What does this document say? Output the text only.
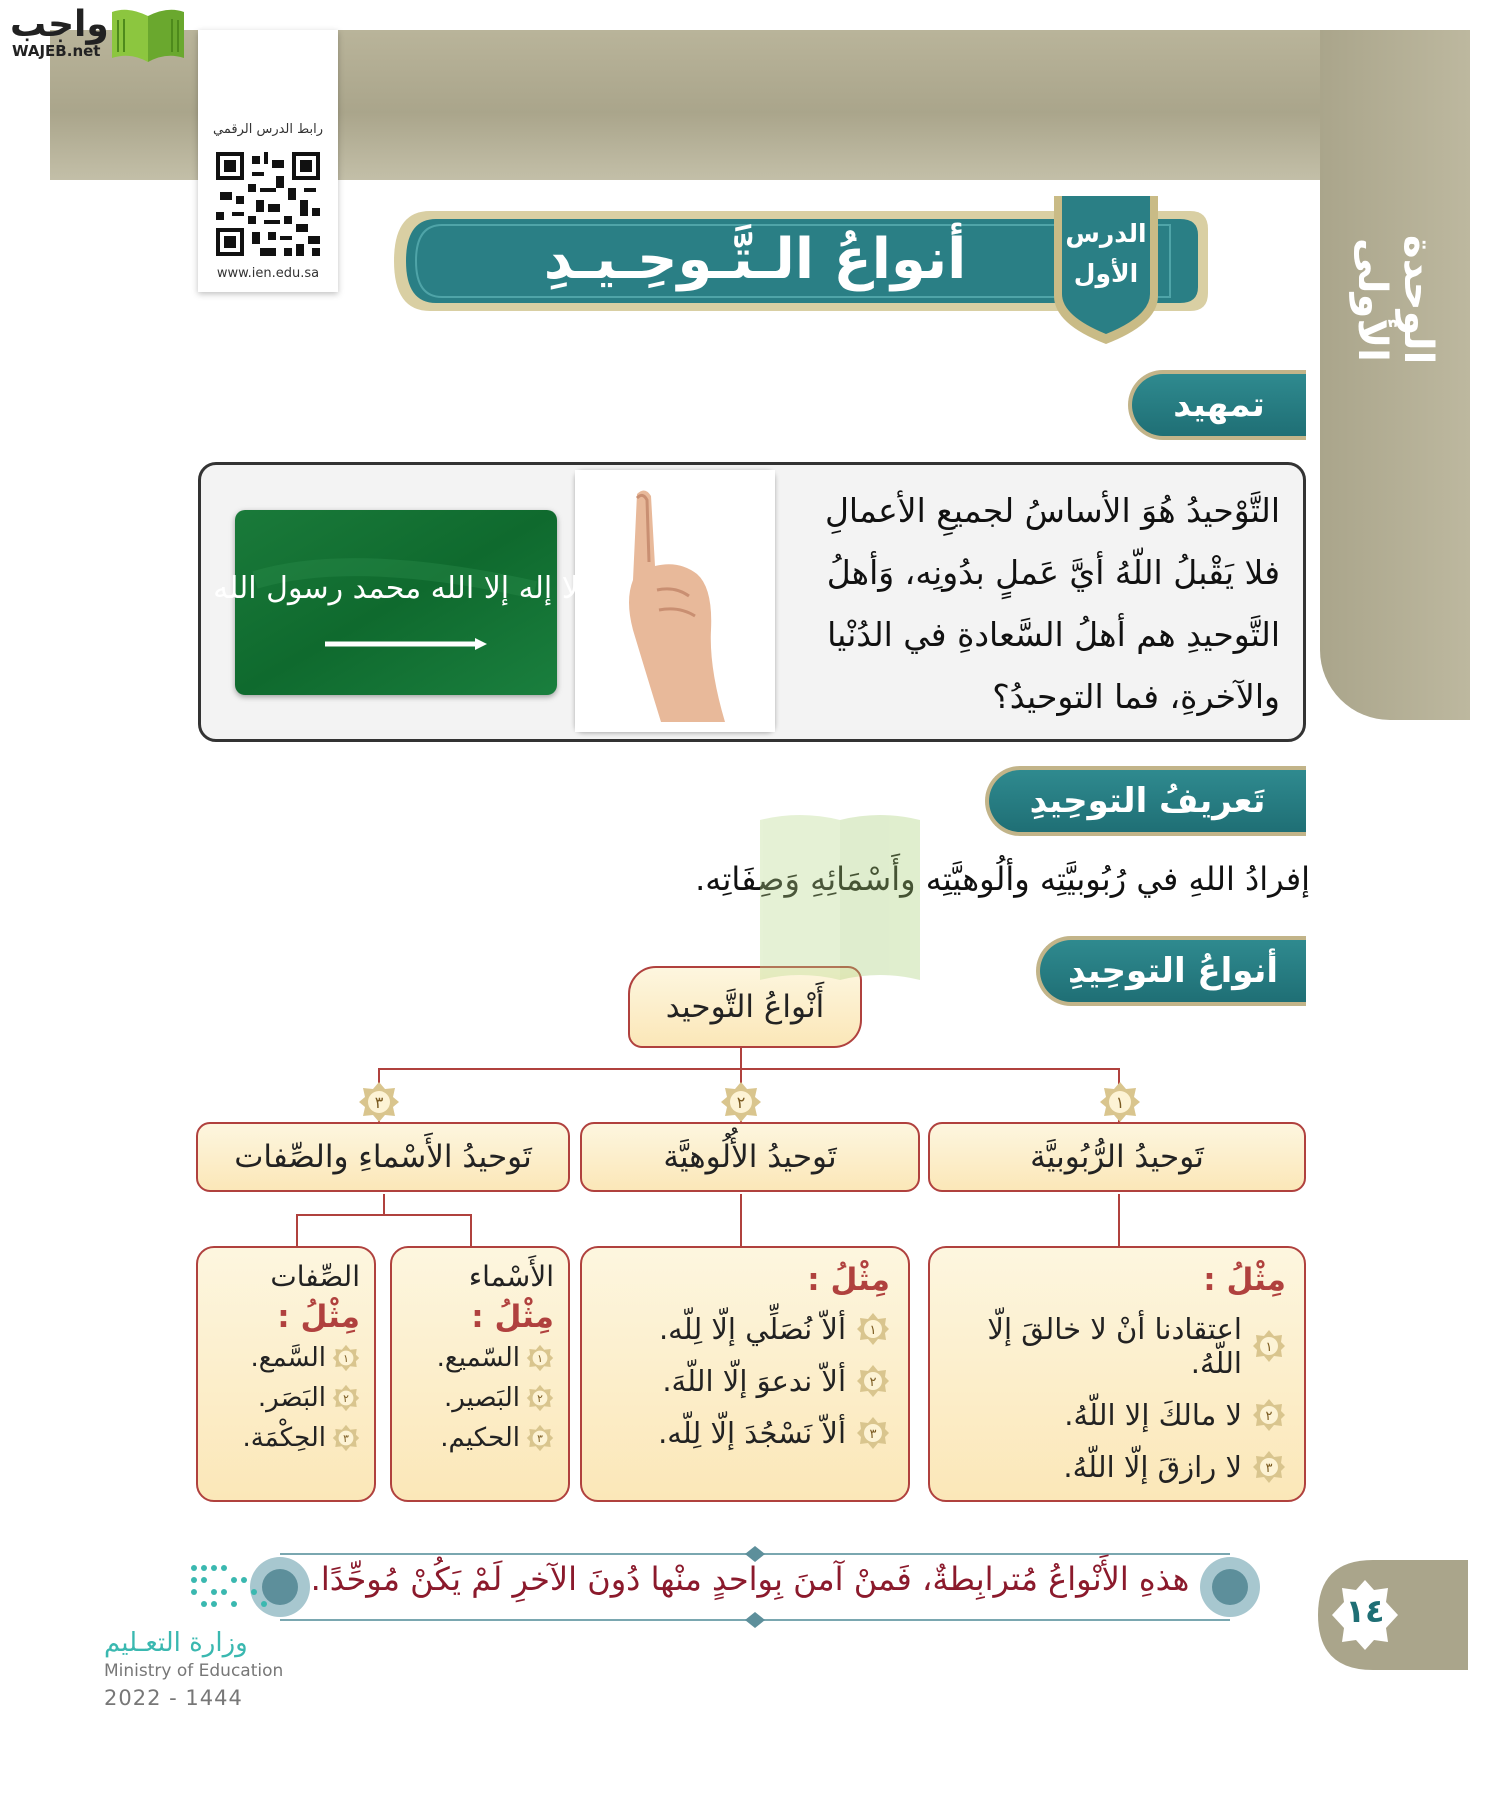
الوحدة الأولى
واجب
WAJEB.net
رابط الدرس الرقمي
www.ien.edu.sa	أنواعُ الـتَّـوحِـيـدِ	الدرس
الأول
تمهيد
التَّوْحيدُ هُوَ الأساسُ لجميعِ الأعمالِ فلا يَقْبلُ اللّهُ أيَّ عَملٍ بدُونِه، وَأهلُ التَّوحيدِ هم أهلُ السَّعادةِ في الدُنْيا والآخرةِ، فما التوحيدُ؟
لا إله إلا الله محمد رسول الله
تَعريفُ التوحِيدِ
إفرادُ اللهِ في رُبُوبيَّتِه وألُوهيَّتِه وأَسْمَائِهِ وَصِفَاتِه.
أنواعُ التوحِيدِ
أَنْواعُ التَّوحيد
١
٢
٣
تَوحيدُ الرُّبُوبيَّة
تَوحيدُ الأُلُوهيَّة
تَوحيدُ الأَسْماءِ والصِّفات
مِثْلُ :
١
اعتقادنا أنْ لا خالقَ إلّا اللّهُ.
٢
لا مالكَ إلا اللّهُ.
٣
لا رازقَ إلّا اللّهُ.
مِثْلُ :
١
ألاّ نُصَلِّي إلّا لِلّه.
٢
ألاّ ندعوَ إلّا اللّهَ.
٣
ألاّ نَسْجُدَ إلّا لِلّه.
الأَسْماء
مِثْلُ :
١
السّميع.
٢
البَصير.
٣
الحكيم.
الصِّفات
مِثْلُ :
١
السَّمع.
٢
البَصَر.
٣
الحِكْمَة.
هذهِ الأَنْواعُ مُترابِطةٌ، فَمنْ آمنَ بِواحدٍ منْها دُونَ الآخرِ لَمْ يَكُنْ مُوحِّدًا.
١٤
وزارة التعـليم
Ministry of Education
2022 - 1444
